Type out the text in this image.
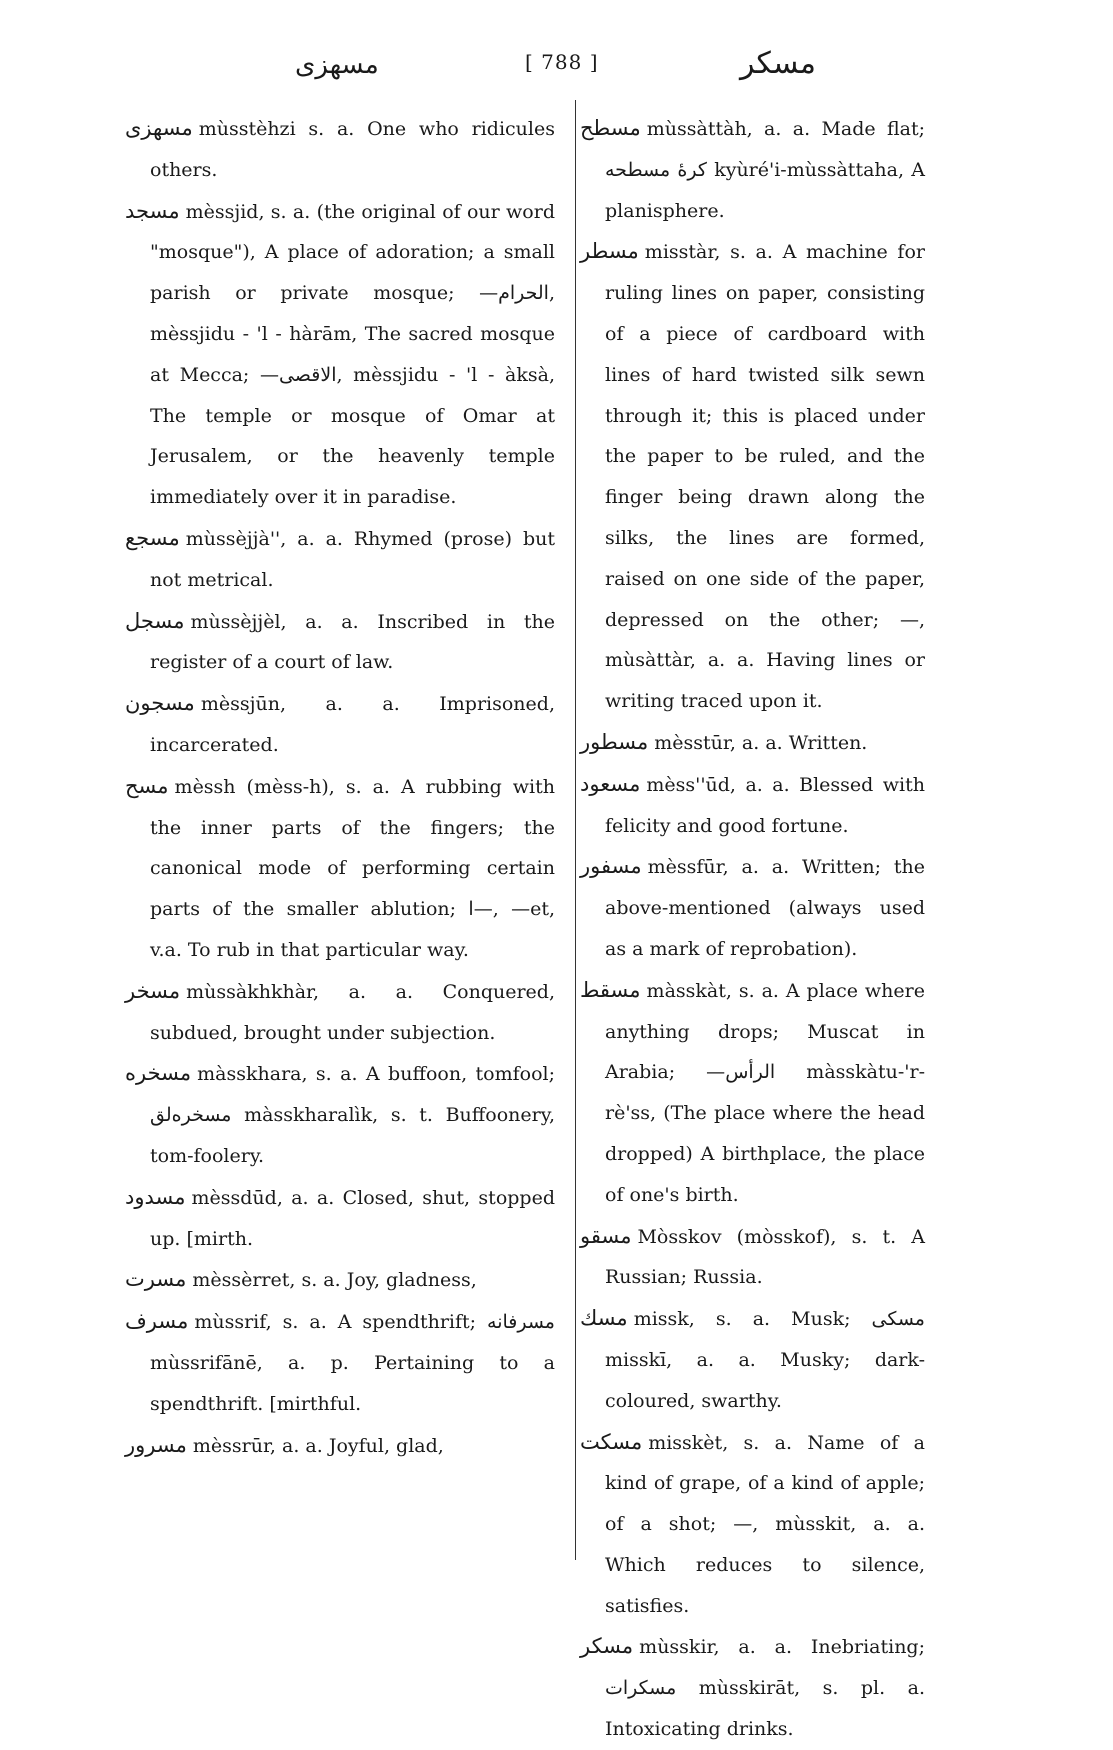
مسهزی	[ 788 ]	مسکر

مسهزی mùsstèhzi s. a. One who ridicules others.

مسجد mèssjid, s. a. (the original of our word "mosque"), A place of adoration; a small parish or private mosque; —الحرام, mèssjidu - 'l - hàrām, The sacred mosque at Mecca; —الاقصی, mèssjidu - 'l - àksà, The temple or mosque of Omar at Jerusalem, or the heavenly temple immediately over it in paradise.

مسجع mùssèjjà'', a. a. Rhymed (prose) but not metrical.

مسجل mùssèjjèl, a. a. Inscribed in the register of a court of law.

مسجون mèssjūn, a. a. Imprisoned, incarcerated.

مسح mèssh (mèss-h), s. a. A rubbing with the inner parts of the fingers; the canonical mode of performing certain parts of the smaller ablution; ا—, —et, v.a. To rub in that particular way.

مسخر mùssàkhkhàr, a. a. Conquered, subdued, brought under subjection.

مسخره màsskhara, s. a. A buffoon, tomfool; مسخره‌لق màsskharalìk, s. t. Buffoonery, tom-foolery.

مسدود mèssdūd, a. a. Closed, shut, stopped up. [mirth.

مسرت mèssèrret, s. a. Joy, gladness,

مسرف mùssrif, s. a. A spendthrift; مسرفانه mùssrifānē, a. p. Pertaining to a spendthrift. [mirthful.

مسرور mèssrūr, a. a. Joyful, glad,

مسطح mùssàttàh, a. a. Made flat; کرهٔ مسطحه kyùré'i-mùssàttaha, A planisphere.

مسطر misstàr, s. a. A machine for ruling lines on paper, consisting of a piece of cardboard with lines of hard twisted silk sewn through it; this is placed under the paper to be ruled, and the finger being drawn along the silks, the lines are formed, raised on one side of the paper, depressed on the other; —, mùsàttàr, a. a. Having lines or writing traced upon it.

مسطور mèsstūr, a. a. Written.

مسعود mèss''ūd, a. a. Blessed with felicity and good fortune.

مسفور mèssfūr, a. a. Written; the above-mentioned (always used as a mark of reprobation).

مسقط màsskàt, s. a. A place where anything drops; Muscat in Arabia; —الرأس màsskàtu-'r-rè'ss, (The place where the head dropped) A birthplace, the place of one's birth.

مسقو Mòsskov (mòsskof), s. t. A Russian; Russia.

مسك missk, s. a. Musk; مسکی misskī, a. a. Musky; dark-coloured, swarthy.

مسکت misskèt, s. a. Name of a kind of grape, of a kind of apple; of a shot; —, mùsskit, a. a. Which reduces to silence, satisfies.

مسکر mùsskir, a. a. Inebriating; مسکرات mùsskirāt, s. pl. a. Intoxicating drinks.
